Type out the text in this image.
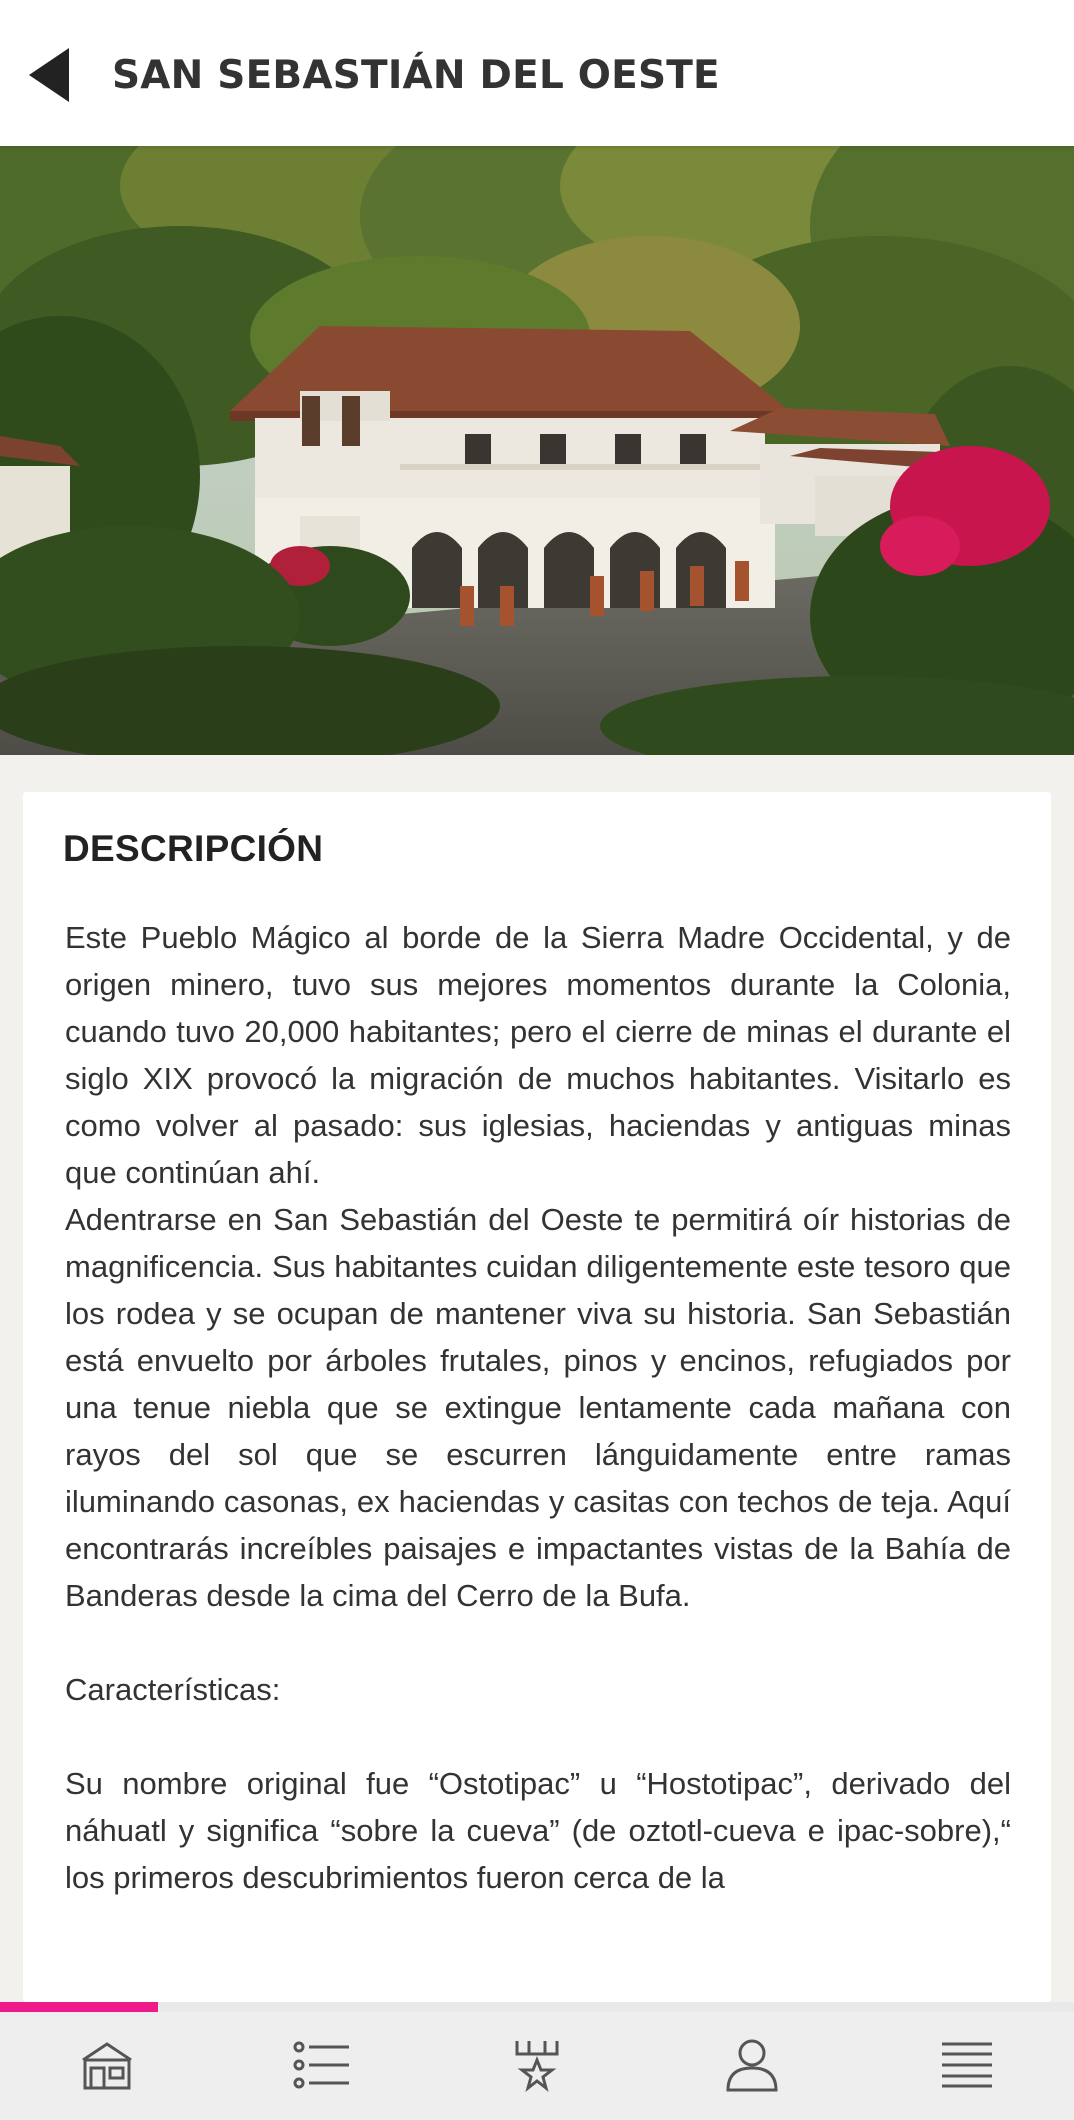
SAN SEBASTIÁN DEL OESTE
DESCRIPCIÓN

Este Pueblo Mágico al borde de la Sierra Madre Occidental, y de origen minero, tuvo sus mejores momentos durante la Colonia, cuando tuvo 20,000 habitantes; pero el cierre de minas el durante el siglo XIX provocó la migración de muchos habitantes. Visitarlo es como volver al pasado: sus iglesias, haciendas y antiguas minas que continúan ahí.

Adentrarse en San Sebastián del Oeste te permitirá oír historias de magnificencia. Sus habitantes cuidan diligentemente este tesoro que los rodea y se ocupan de mantener viva su historia. San Sebastián está envuelto por árboles frutales, pinos y encinos, refugiados por una tenue niebla que se extingue lentamente cada mañana con rayos del sol que se escurren lánguidamente entre ramas iluminando casonas, ex haciendas y casitas con techos de teja. Aquí encontrarás increíbles paisajes e impactantes vistas de la Bahía de Banderas desde la cima del Cerro de la Bufa.

Características:

Su nombre original fue “Ostotipac” u “Hostotipac”, derivado del náhuatl y significa “sobre la cueva” (de oztotl-cueva e ipac-sobre),“ los primeros descubrimientos fueron cerca de la
